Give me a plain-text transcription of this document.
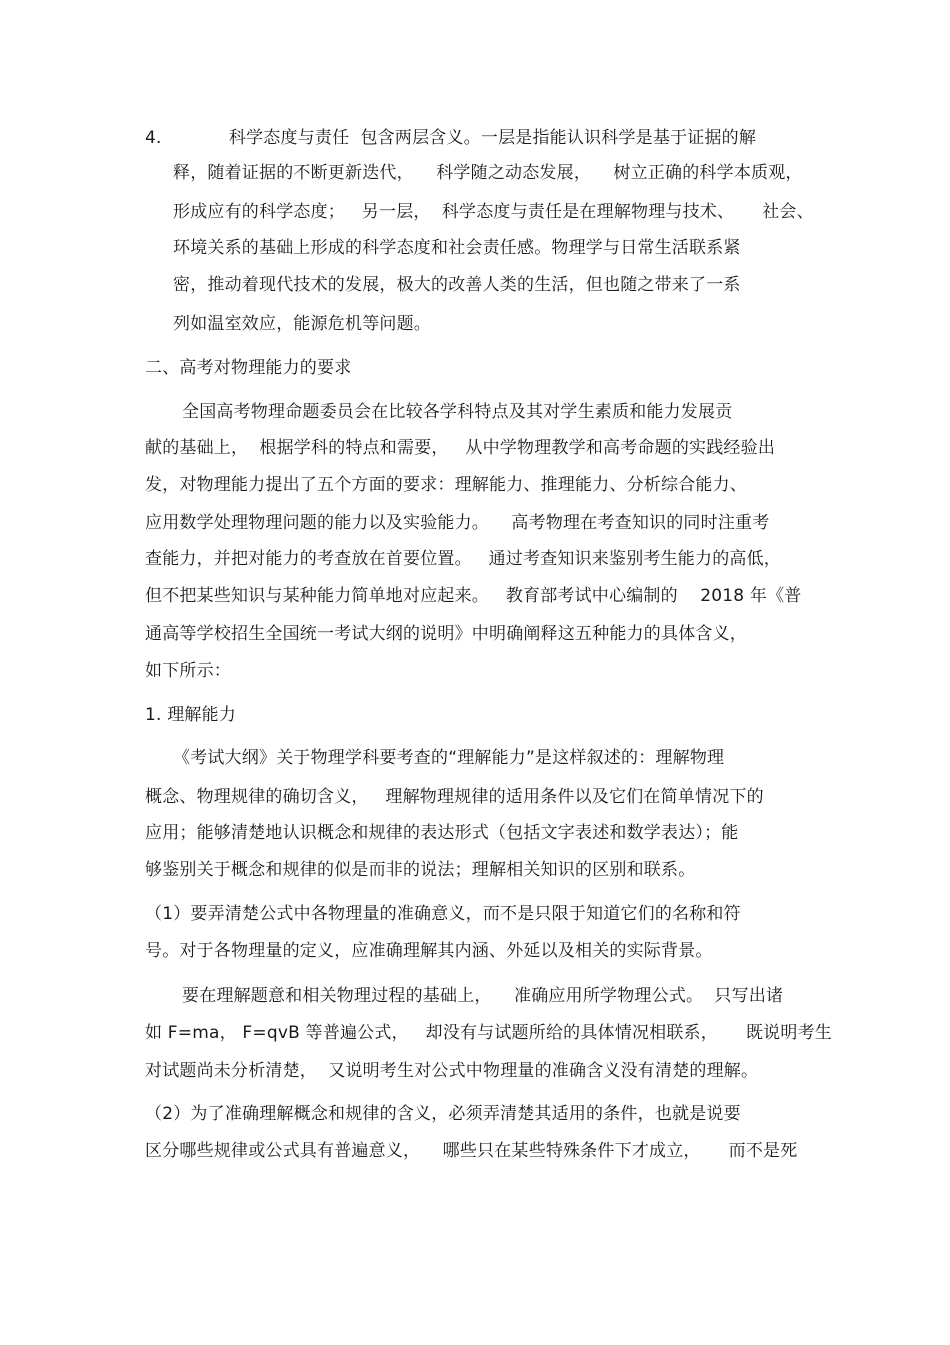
4.            科学态度与责任  包含两层含义。一层是指能认识科学是基于证据的解
释，随着证据的不断更新迭代，    科学随之动态发展，    树立正确的科学本质观，
形成应有的科学态度；   另一层，  科学态度与责任是在理解物理与技术、     社会、
环境关系的基础上形成的科学态度和社会责任感。物理学与日常生活联系紧
密，推动着现代技术的发展，极大的改善人类的生活，但也随之带来了一系
列如温室效应，能源危机等问题。
二、高考对物理能力的要求
全国高考物理命题委员会在比较各学科特点及其对学生素质和能力发展贡
献的基础上，  根据学科的特点和需要，   从中学物理教学和高考命题的实践经验出
发，对物理能力提出了五个方面的要求：理解能力、推理能力、分析综合能力、
应用数学处理物理问题的能力以及实验能力。    高考物理在考查知识的同时注重考
查能力，并把对能力的考查放在首要位置。   通过考查知识来鉴别考生能力的高低，
但不把某些知识与某种能力简单地对应起来。   教育部考试中心编制的    2018 年《普
通高等学校招生全国统一考试大纲的说明》中明确阐释这五种能力的具体含义，
如下所示：
1. 理解能力
《考试大纲》关于物理学科要考查的“理解能力”是这样叙述的：理解物理
概念、物理规律的确切含义，   理解物理规律的适用条件以及它们在简单情况下的
应用；能够清楚地认识概念和规律的表达形式（包括文字表述和数学表达）；能
够鉴别关于概念和规律的似是而非的说法；理解相关知识的区别和联系。
（1）要弄清楚公式中各物理量的准确意义，而不是只限于知道它们的名称和符
号。对于各物理量的定义，应准确理解其内涵、外延以及相关的实际背景。
要在理解题意和相关物理过程的基础上，    准确应用所学物理公式。  只写出诸
如 F=ma， F=qvB 等普遍公式，   却没有与试题所给的具体情况相联系，     既说明考生
对试题尚未分析清楚，  又说明考生对公式中物理量的准确含义没有清楚的理解。
（2）为了准确理解概念和规律的含义，必须弄清楚其适用的条件，也就是说要
区分哪些规律或公式具有普遍意义，    哪些只在某些特殊条件下才成立，     而不是死
